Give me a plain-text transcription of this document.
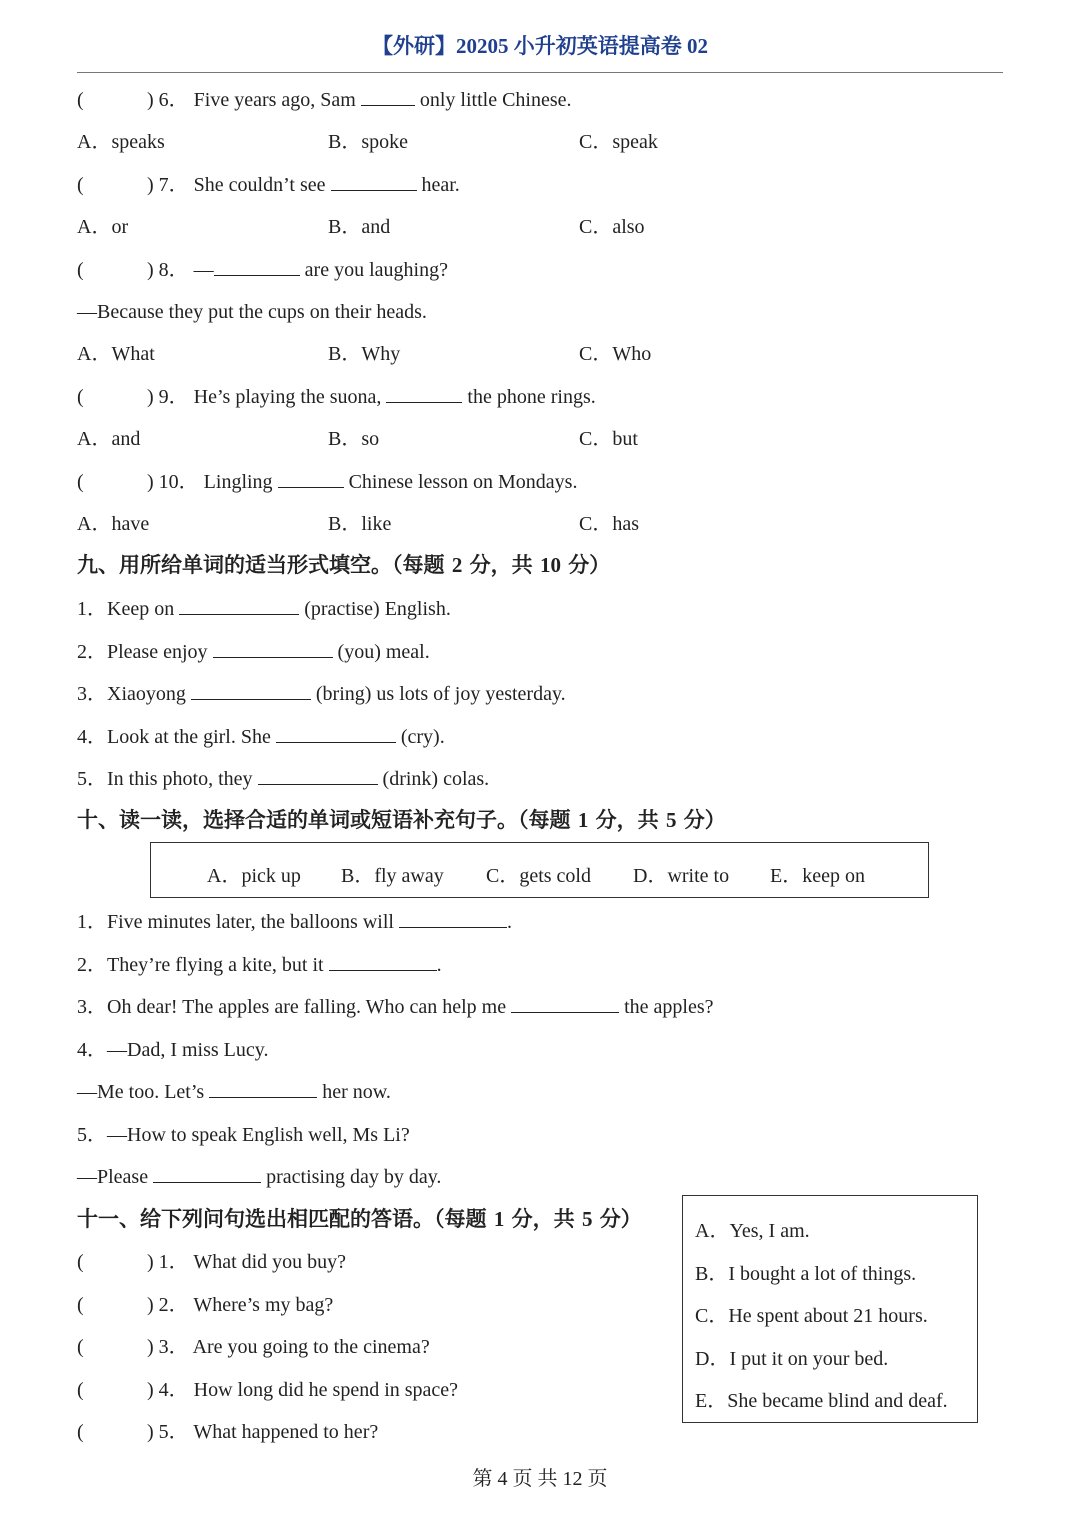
【外研】20205 小升初英语提高卷 02
(	) 6． Five years ago, Sam	only little Chinese.
A．speaks	B．spoke	C．speak
(	) 7． She couldn’t see	hear.
A．or	B．and	C．also
(	) 8． —	are you laughing?
—Because they put the cups on their heads.
A．What	B．Why	C．Who
(	) 9． He’s playing the suona,	the phone rings.
A．and	B．so	C．but
(	) 10． Lingling	Chinese lesson on Mondays.
A．have	B．like	C．has
九、用所给单词的适当形式填空。（每题 2 分，共 10 分）
1．Keep on	(practise) English.
2．Please enjoy	(you) meal.
3．Xiaoyong	(bring) us lots of joy yesterday.
4．Look at the girl. She	(cry).
5．In this photo, they	(drink) colas.
十、读一读，选择合适的单词或短语补充句子。（每题 1 分，共 5 分）
A．pick up B．fly away C．gets cold D．write to E．keep on
1．Five minutes later, the balloons will	.
2．They’re flying a kite, but it	.
3．Oh dear! The apples are falling. Who can help me	the apples?
4．—Dad, I miss Lucy.
—Me too. Let’s	her now.
5．—How to speak English well, Ms Li?
—Please	practising day by day.
十一、给下列问句选出相匹配的答语。（每题 1 分，共 5 分）
(	) 1． What did you buy?
(	) 2． Where’s my bag?
(	) 3． Are you going to the cinema?
(	) 4． How long did he spend in space?
(	) 5． What happened to her?
A．Yes, I am.
B．I bought a lot of things.
C．He spent about 21 hours.
D．I put it on your bed.
E．She became blind and deaf.
第 4 页 共 12 页
